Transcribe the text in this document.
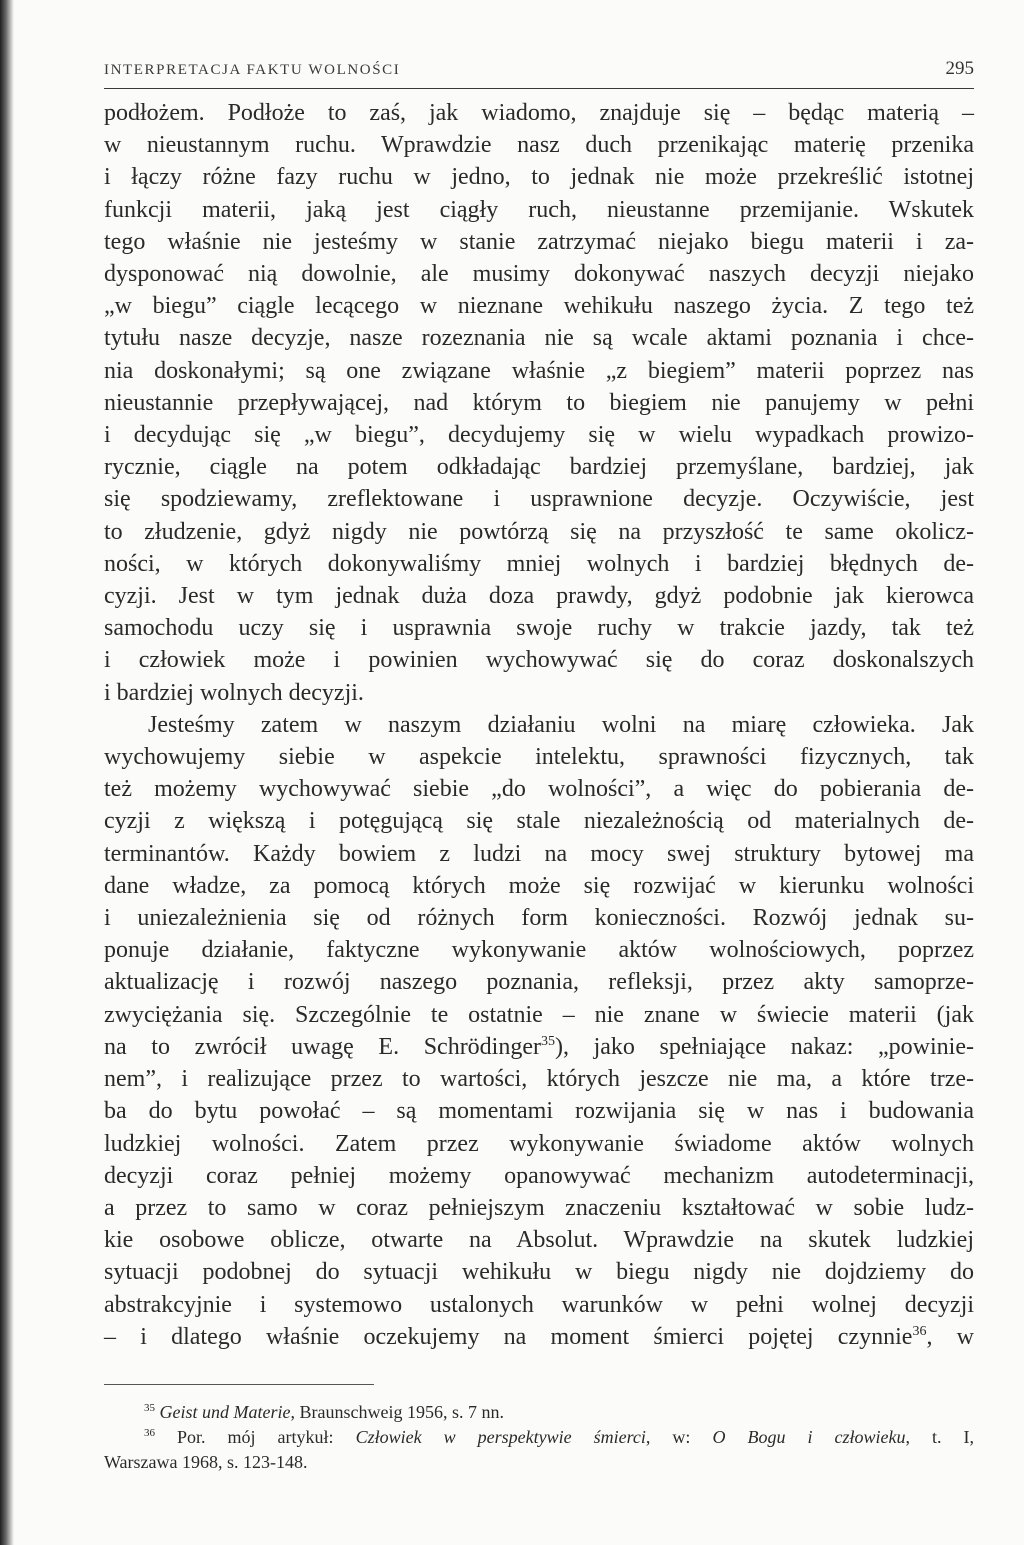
INTERPRETACJA FAKTU WOLNOŚCI	295
podłożem. Podłoże to zaś, jak wiadomo, znajduje się – będąc materią –
w nieustannym ruchu. Wprawdzie nasz duch przenikając materię przenika
i łączy różne fazy ruchu w jedno, to jednak nie może przekreślić istotnej
funkcji materii, jaką jest ciągły ruch, nieustanne przemijanie. Wskutek
tego właśnie nie jesteśmy w stanie zatrzymać niejako biegu materii i za-
dysponować nią dowolnie, ale musimy dokonywać naszych decyzji niejako
„w biegu” ciągle lecącego w nieznane wehikułu naszego życia. Z tego też
tytułu nasze decyzje, nasze rozeznania nie są wcale aktami poznania i chce-
nia doskonałymi; są one związane właśnie „z biegiem” materii poprzez nas
nieustannie przepływającej, nad którym to biegiem nie panujemy w pełni
i decydując się „w biegu”, decydujemy się w wielu wypadkach prowizo-
rycznie, ciągle na potem odkładając bardziej przemyślane, bardziej, jak
się spodziewamy, zreflektowane i usprawnione decyzje. Oczywiście, jest
to złudzenie, gdyż nigdy nie powtórzą się na przyszłość te same okolicz-
ności, w których dokonywaliśmy mniej wolnych i bardziej błędnych de-
cyzji. Jest w tym jednak duża doza prawdy, gdyż podobnie jak kierowca
samochodu uczy się i usprawnia swoje ruchy w trakcie jazdy, tak też
i człowiek może i powinien wychowywać się do coraz doskonalszych
i bardziej wolnych decyzji.
Jesteśmy zatem w naszym działaniu wolni na miarę człowieka. Jak
wychowujemy siebie w aspekcie intelektu, sprawności fizycznych, tak
też możemy wychowywać siebie „do wolności”, a więc do pobierania de-
cyzji z większą i potęgującą się stale niezależnością od materialnych de-
terminantów. Każdy bowiem z ludzi na mocy swej struktury bytowej ma
dane władze, za pomocą których może się rozwijać w kierunku wolności
i uniezależnienia się od różnych form konieczności. Rozwój jednak su-
ponuje działanie, faktyczne wykonywanie aktów wolnościowych, poprzez
aktualizację i rozwój naszego poznania, refleksji, przez akty samoprze-
zwyciężania się. Szczególnie te ostatnie – nie znane w świecie materii (jak
na to zwrócił uwagę E. Schrödinger$^{35}$), jako spełniające nakaz: „powinie-
nem”, i realizujące przez to wartości, których jeszcze nie ma, a które trze-
ba do bytu powołać – są momentami rozwijania się w nas i budowania
ludzkiej wolności. Zatem przez wykonywanie świadome aktów wolnych
decyzji coraz pełniej możemy opanowywać mechanizm autodeterminacji,
a przez to samo w coraz pełniejszym znaczeniu kształtować w sobie ludz-
kie osobowe oblicze, otwarte na Absolut. Wprawdzie na skutek ludzkiej
sytuacji podobnej do sytuacji wehikułu w biegu nigdy nie dojdziemy do
abstrakcyjnie i systemowo ustalonych warunków w pełni wolnej decyzji
– i dlatego właśnie oczekujemy na moment śmierci pojętej czynnie$^{36}$, w
$^{35}$ Geist und Materie, Braunschweig 1956, s. 7 nn.
$^{36}$ Por. mój artykuł: Człowiek w perspektywie śmierci, w: O Bogu i człowieku, t. I,
Warszawa 1968, s. 123-148.
